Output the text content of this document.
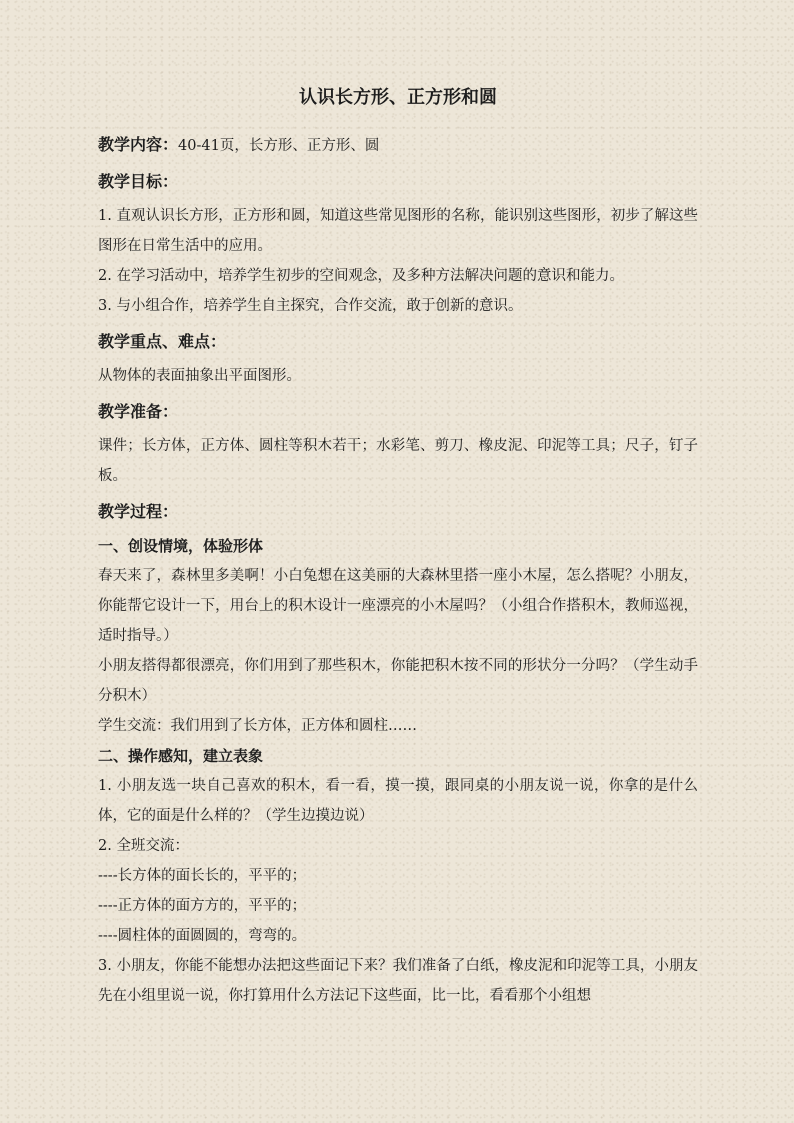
认识长方形、正方形和圆

教学内容：40-41页，长方形、正方形、圆

教学目标：

1. 直观认识长方形，正方形和圆，知道这些常见图形的名称，能识别这些图形，初步了解这些图形在日常生活中的应用。

2. 在学习活动中，培养学生初步的空间观念，及多种方法解决问题的意识和能力。

3. 与小组合作，培养学生自主探究，合作交流，敢于创新的意识。

教学重点、难点：

从物体的表面抽象出平面图形。

教学准备：

课件；长方体，正方体、圆柱等积木若干；水彩笔、剪刀、橡皮泥、印泥等工具；尺子，钉子板。

教学过程：

一、创设情境，体验形体

春天来了，森林里多美啊！小白兔想在这美丽的大森林里搭一座小木屋，怎么搭呢？小朋友，你能帮它设计一下，用台上的积木设计一座漂亮的小木屋吗？（小组合作搭积木，教师巡视，适时指导。）

小朋友搭得都很漂亮，你们用到了那些积木，你能把积木按不同的形状分一分吗？（学生动手分积木）

学生交流：我们用到了长方体，正方体和圆柱……

二、操作感知，建立表象

1. 小朋友选一块自己喜欢的积木，看一看，摸一摸，跟同桌的小朋友说一说，你拿的是什么体，它的面是什么样的？（学生边摸边说）

2. 全班交流：

----长方体的面长长的，平平的；

----正方体的面方方的，平平的；

----圆柱体的面圆圆的，弯弯的。

3. 小朋友，你能不能想办法把这些面记下来？我们准备了白纸，橡皮泥和印泥等工具，小朋友先在小组里说一说，你打算用什么方法记下这些面，比一比，看看那个小组想
